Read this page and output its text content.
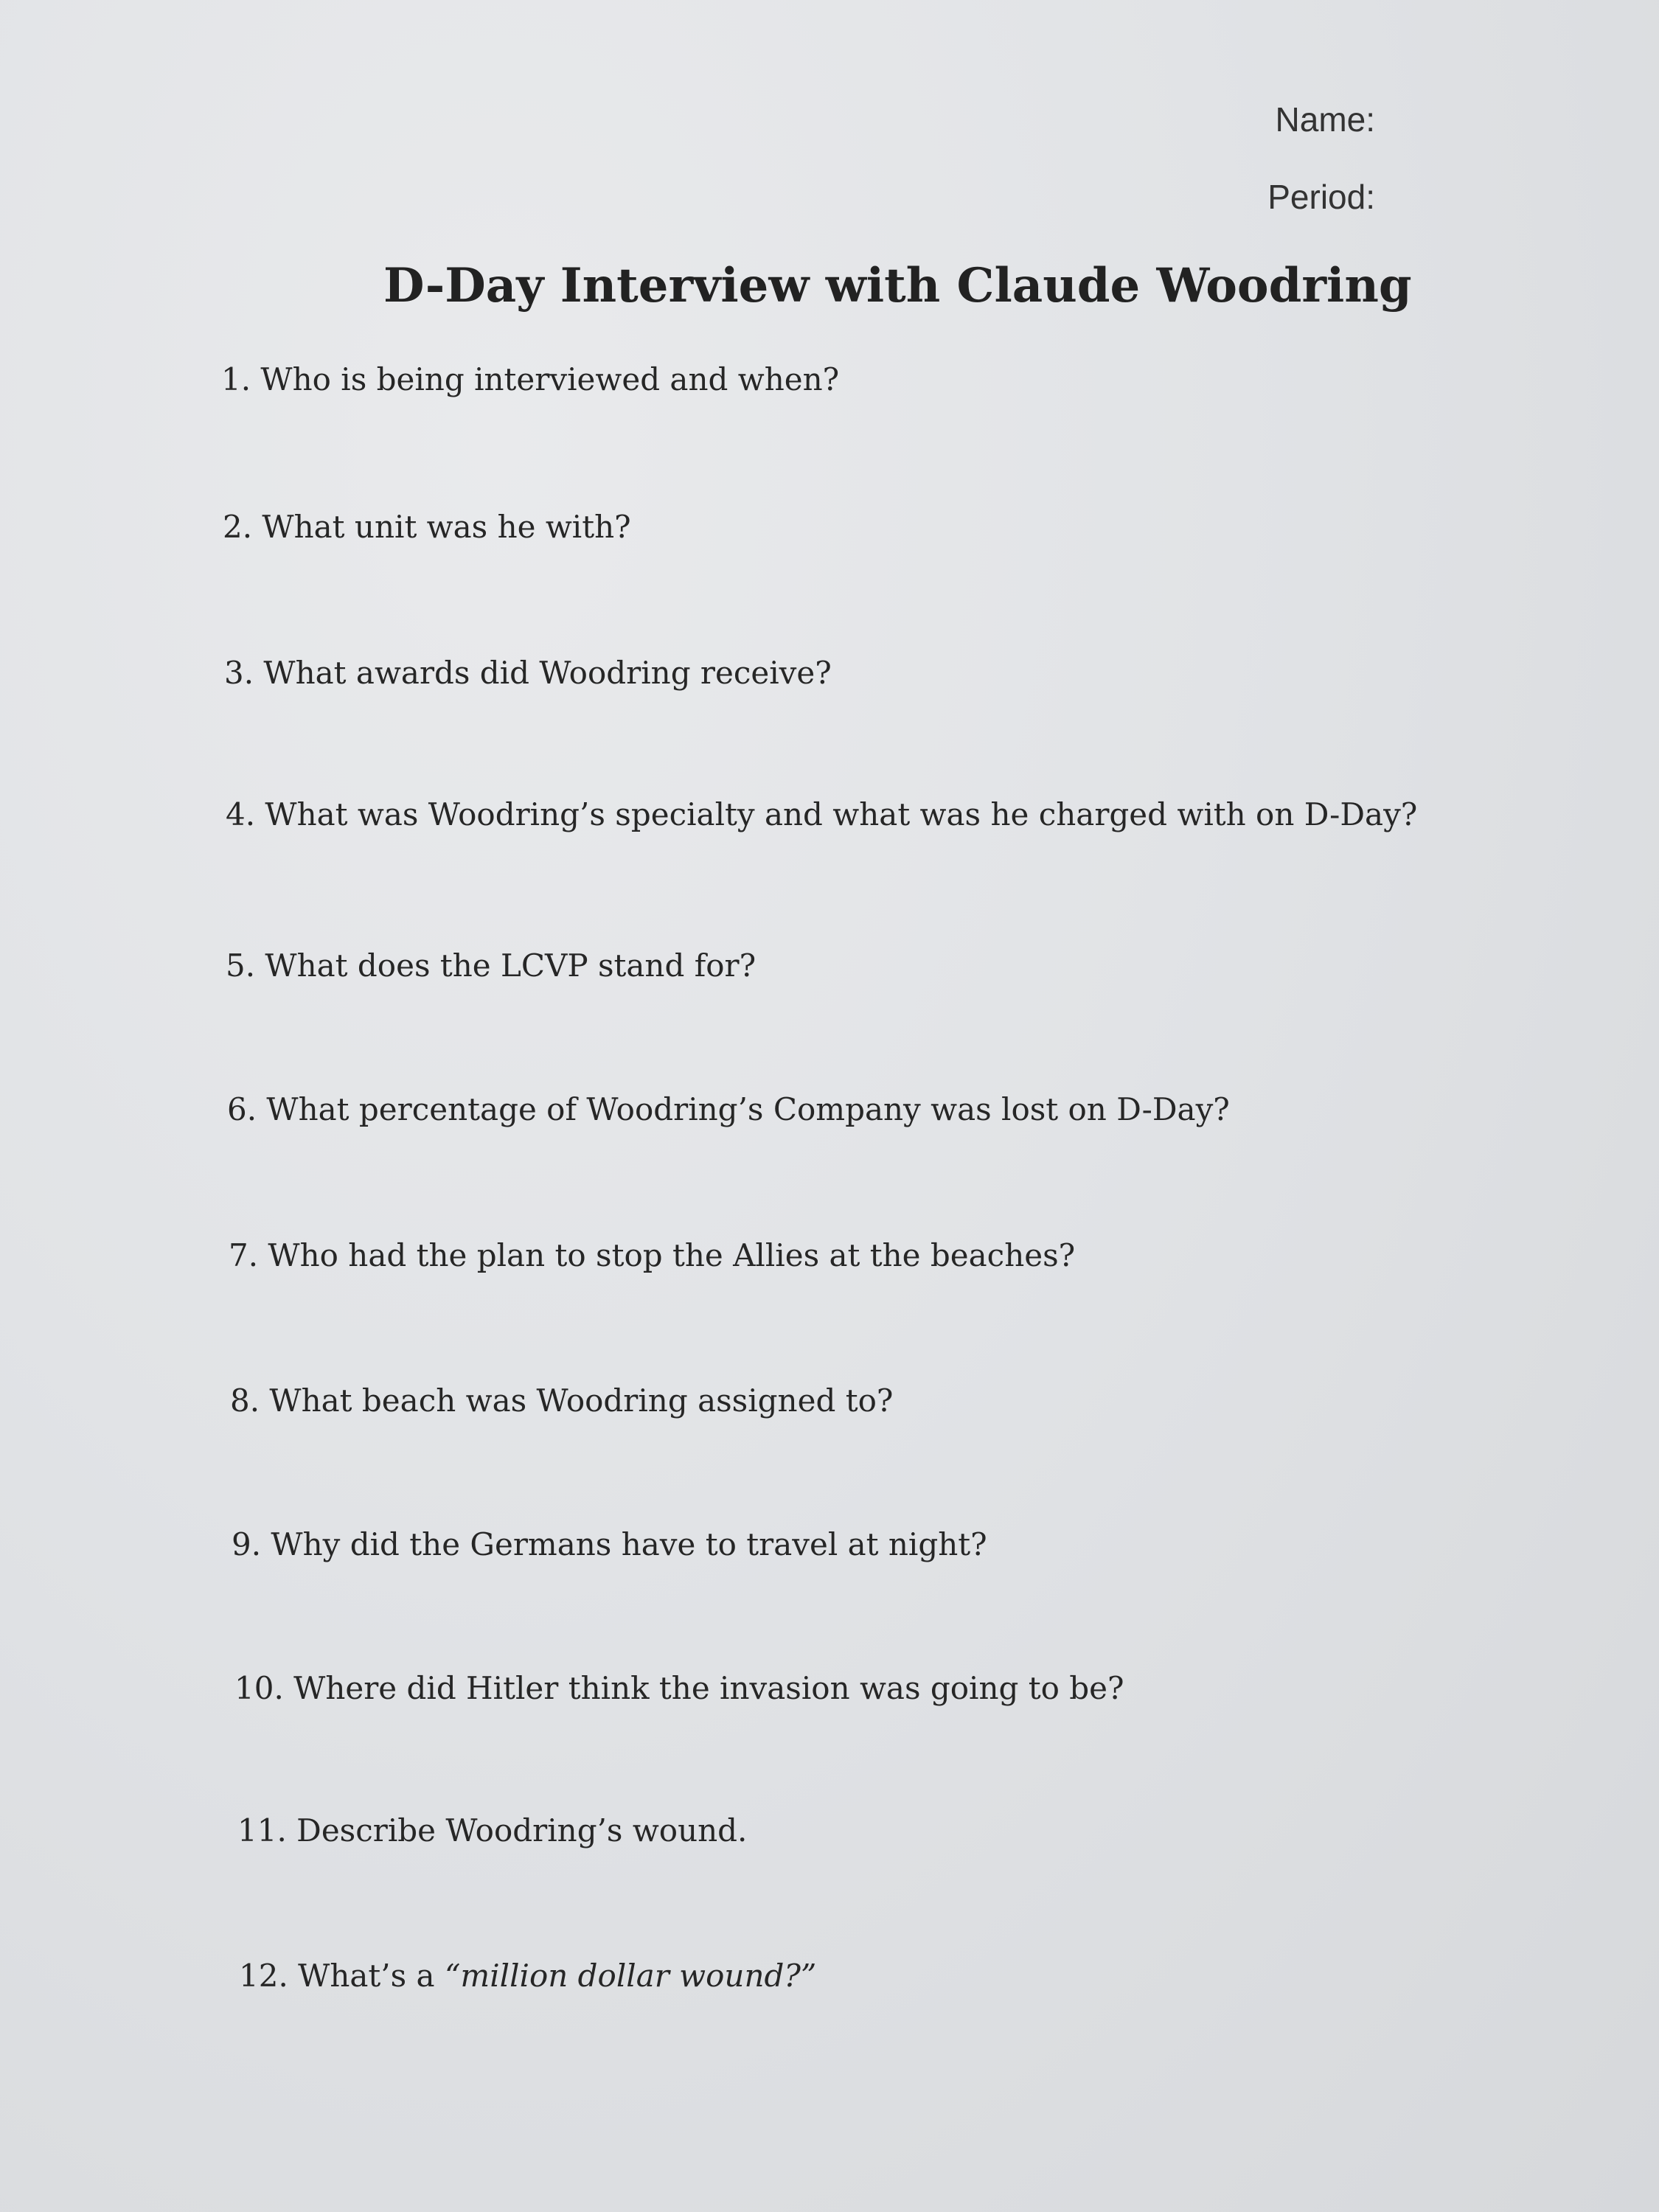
Name:
Period:
D-Day Interview with Claude Woodring
1. Who is being interviewed and when?
2. What unit was he with?
3. What awards did Woodring receive?
4. What was Woodring’s specialty and what was he charged with on D-Day?
5. What does the LCVP stand for?
6. What percentage of Woodring’s Company was lost on D-Day?
7. Who had the plan to stop the Allies at the beaches?
8. What beach was Woodring assigned to?
9. Why did the Germans have to travel at night?
10. Where did Hitler think the invasion was going to be?
11. Describe Woodring’s wound.
12. What’s a “million dollar wound?”
